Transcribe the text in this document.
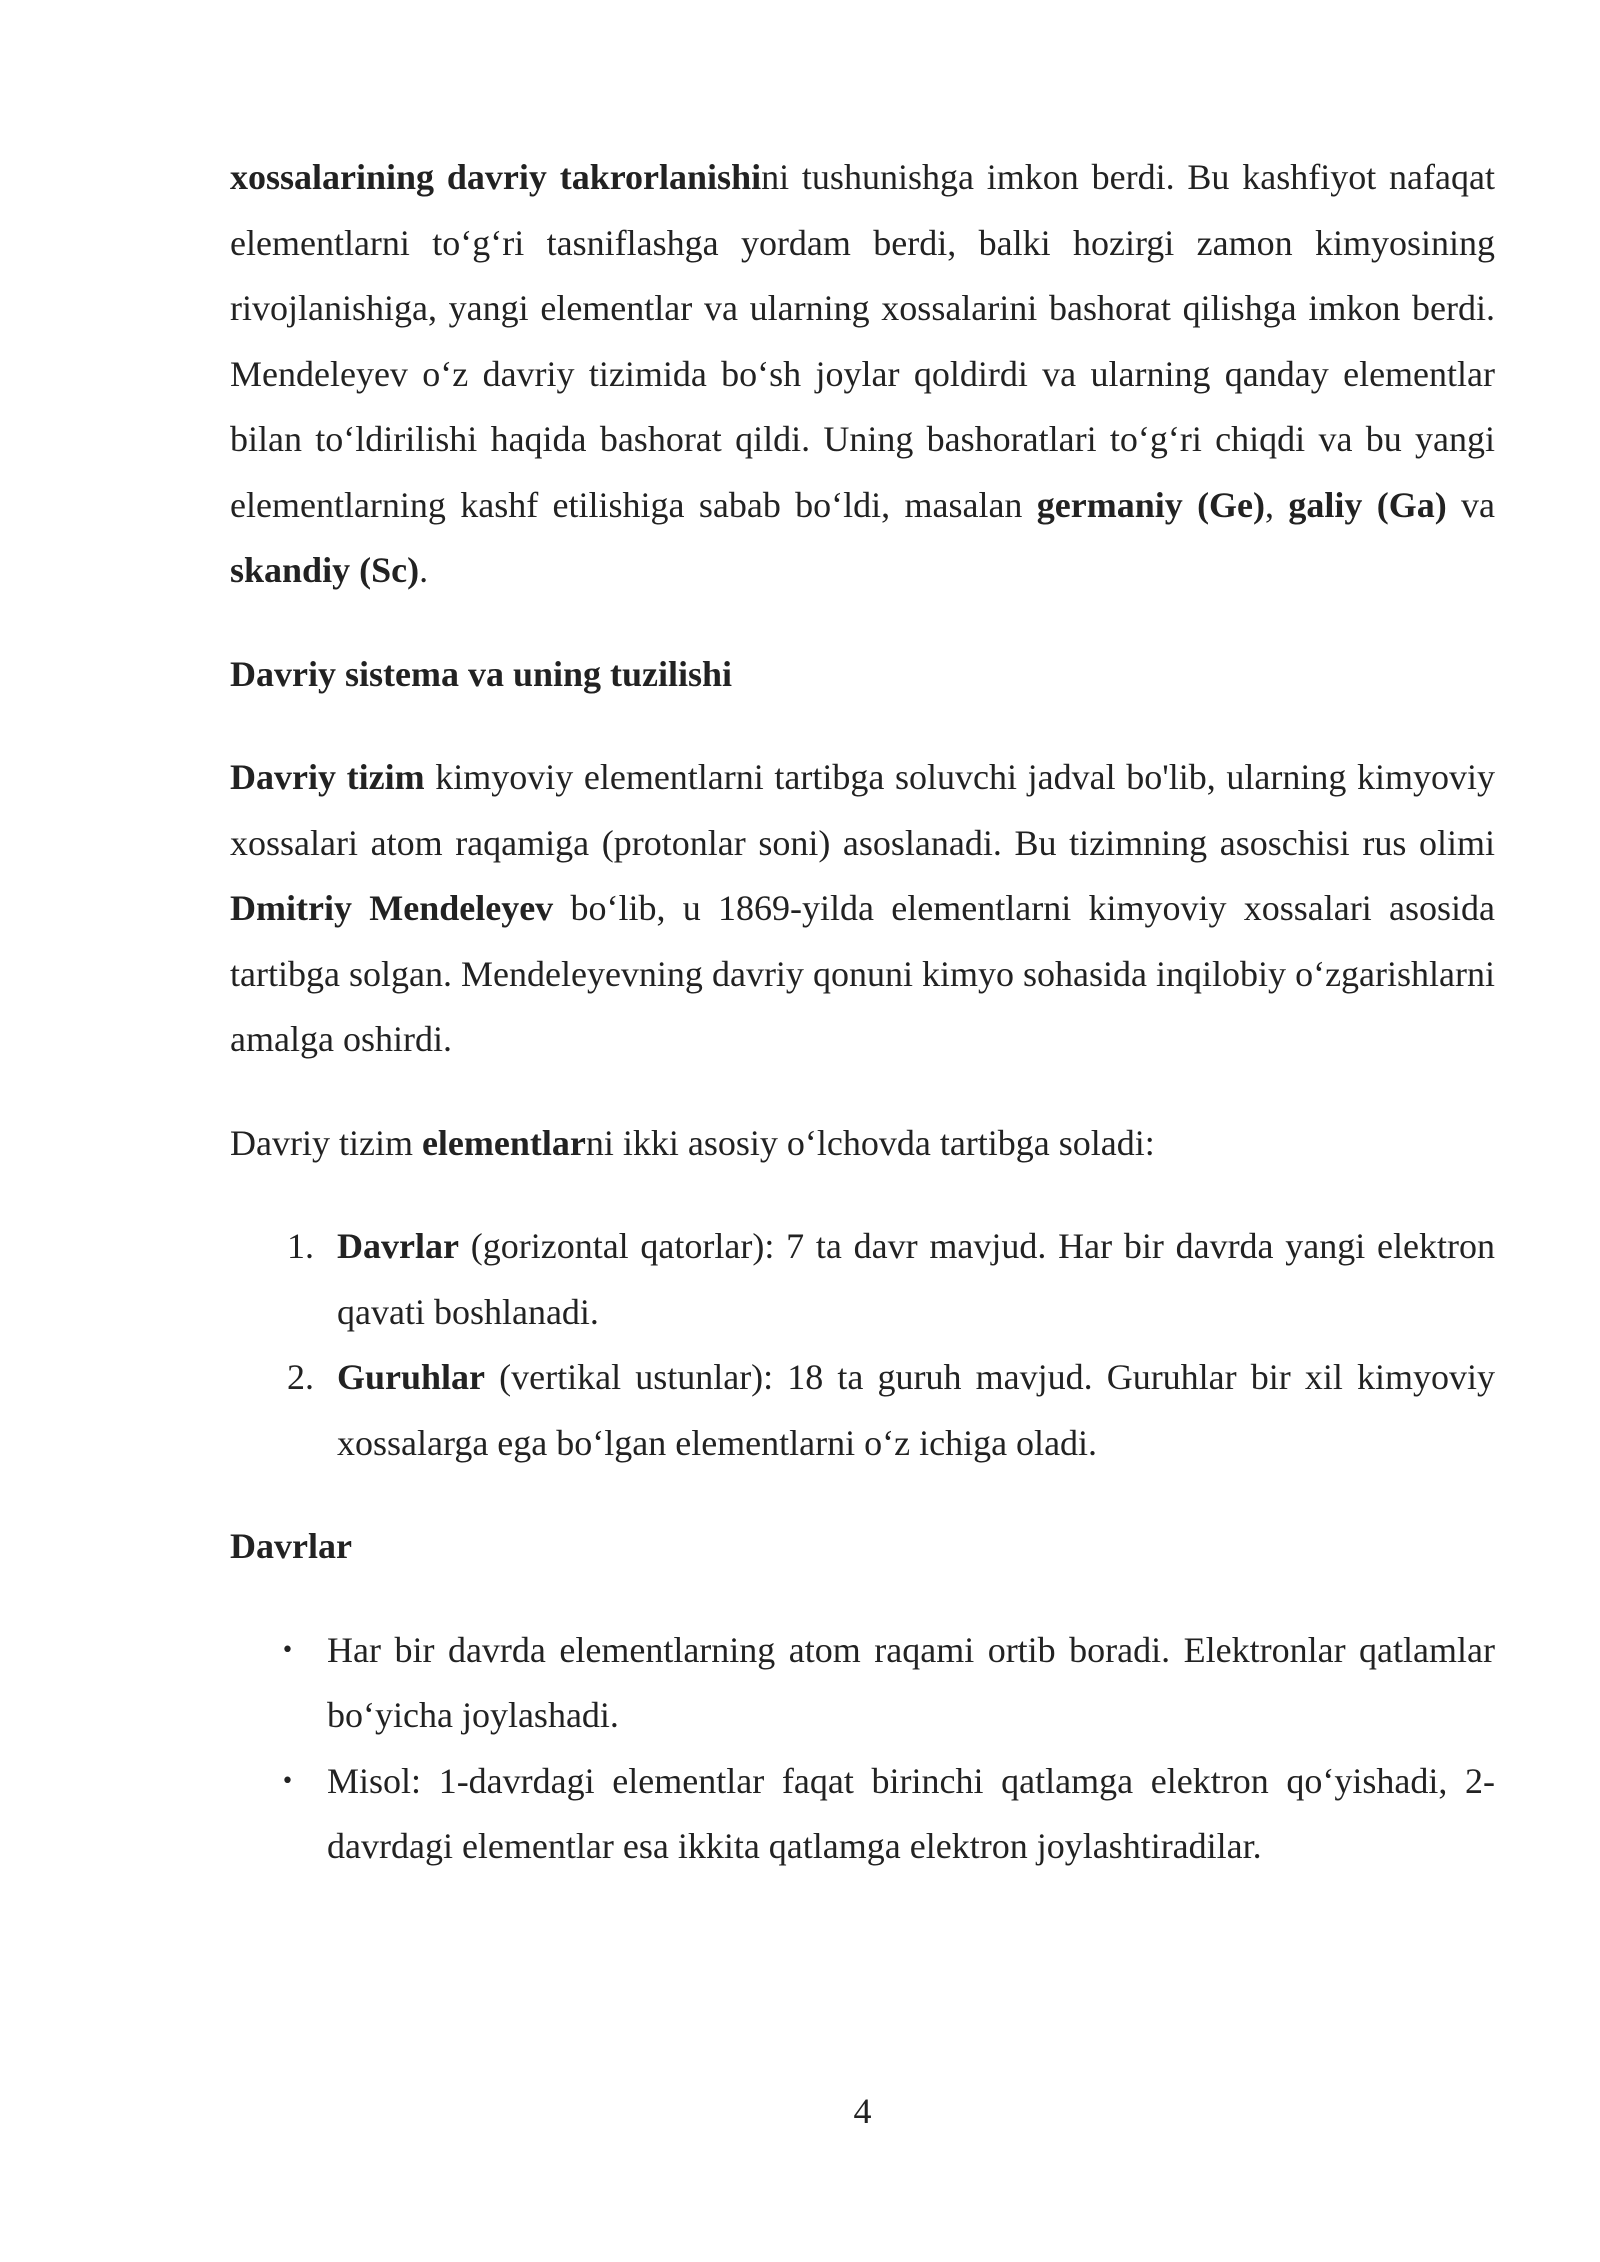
xossalarining davriy takrorlanishini tushunishga imkon berdi. Bu kashfiyot nafaqat elementlarni to‘g‘ri tasniflashga yordam berdi, balki hozirgi zamon kimyosining rivojlanishiga, yangi elementlar va ularning xossalarini bashorat qilishga imkon berdi. Mendeleyev o‘z davriy tizimida bo‘sh joylar qoldirdi va ularning qanday elementlar bilan to‘ldirilishi haqida bashorat qildi. Uning bashoratlari to‘g‘ri chiqdi va bu yangi elementlarning kashf etilishiga sabab bo‘ldi, masalan germaniy (Ge), galiy (Ga) va skandiy (Sc).

Davriy sistema va uning tuzilishi

Davriy tizim kimyoviy elementlarni tartibga soluvchi jadval bo'lib, ularning kimyoviy xossalari atom raqamiga (protonlar soni) asoslanadi. Bu tizimning asoschisi rus olimi Dmitriy Mendeleyev bo‘lib, u 1869-yilda elementlarni kimyoviy xossalari asosida tartibga solgan. Mendeleyevning davriy qonuni kimyo sohasida inqilobiy o‘zgarishlarni amalga oshirdi.

Davriy tizim elementlarni ikki asosiy o‘lchovda tartibga soladi:

1. Davrlar (gorizontal qatorlar): 7 ta davr mavjud. Har bir davrda yangi elektron qavati boshlanadi.
2. Guruhlar (vertikal ustunlar): 18 ta guruh mavjud. Guruhlar bir xil kimyoviy xossalarga ega bo‘lgan elementlarni o‘z ichiga oladi.
Davrlar
• Har bir davrda elementlarning atom raqami ortib boradi. Elektronlar qatlamlar bo‘yicha joylashadi.
• Misol: 1-davrdagi elementlar faqat birinchi qatlamga elektron qo‘yishadi, 2-davrdagi elementlar esa ikkita qatlamga elektron joylashtiradilar.
4
